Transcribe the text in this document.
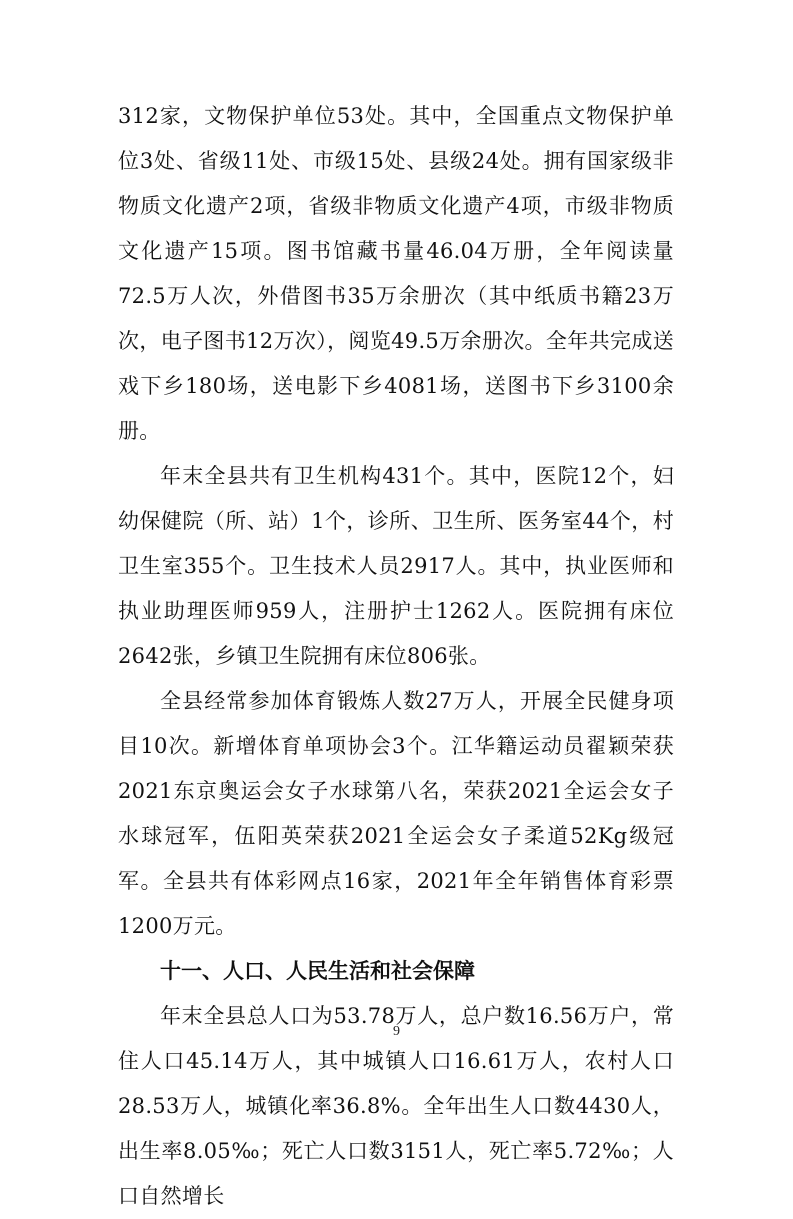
312家，文物保护单位53处。其中，全国重点文物保护单位3处、省级11处、市级15处、县级24处。拥有国家级非物质文化遗产2项，省级非物质文化遗产4项，市级非物质文化遗产15项。图书馆藏书量46.04万册，全年阅读量72.5万人次，外借图书35万余册次（其中纸质书籍23万次，电子图书12万次），阅览49.5万余册次。全年共完成送戏下乡180场，送电影下乡4081场，送图书下乡3100余册。

年末全县共有卫生机构431个。其中，医院12个，妇幼保健院（所、站）1个，诊所、卫生所、医务室44个，村卫生室355个。卫生技术人员2917人。其中，执业医师和执业助理医师959人，注册护士1262人。医院拥有床位2642张，乡镇卫生院拥有床位806张。

全县经常参加体育锻炼人数27万人，开展全民健身项目10次。新增体育单项协会3个。江华籍运动员翟颖荣获2021东京奥运会女子水球第八名，荣获2021全运会女子水球冠军，伍阳英荣获2021全运会女子柔道52Kg级冠军。全县共有体彩网点16家，2021年全年销售体育彩票1200万元。

十一、人口、人民生活和社会保障

年末全县总人口为53.78万人，总户数16.56万户，常住人口45.14万人，其中城镇人口16.61万人，农村人口28.53万人，城镇化率36.8%。全年出生人口数4430人，出生率8.05‰；死亡人口数3151人，死亡率5.72‰；人口自然增长

9
